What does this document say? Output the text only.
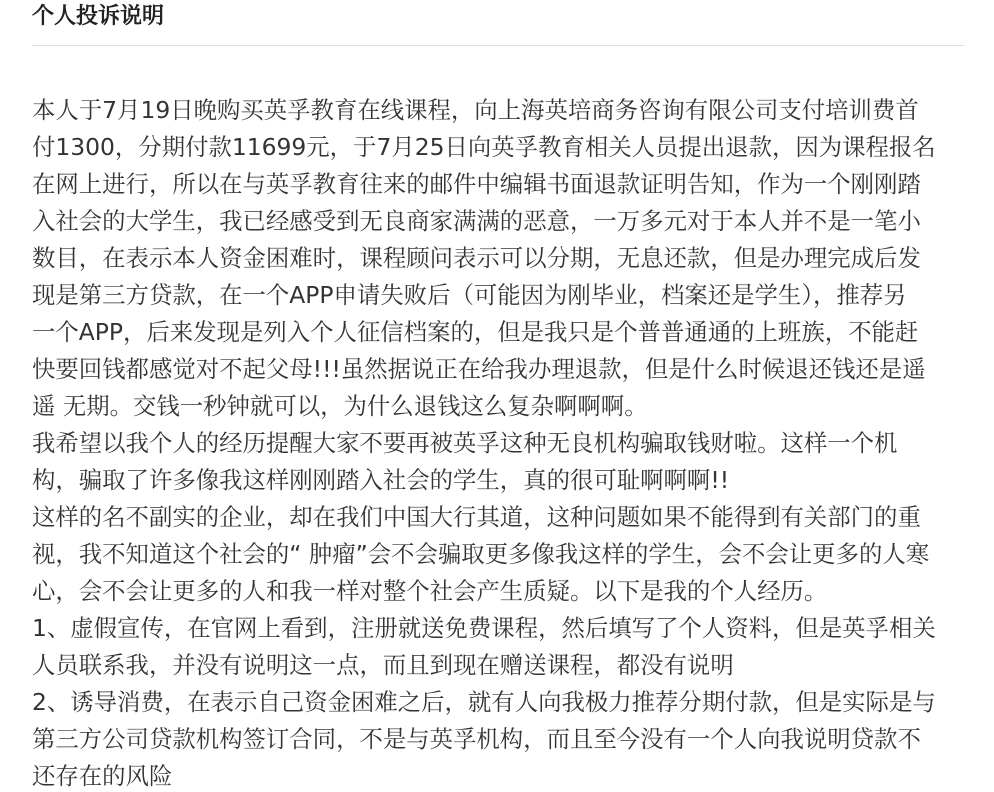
个人投诉说明
本人于7月19日晚购买英孚教育在线课程，向上海英培商务咨询有限公司支付培训费首
付1300，分期付款11699元，于7月25日向英孚教育相关人员提出退款，因为课程报名
在网上进行，所以在与英孚教育往来的邮件中编辑书面退款证明告知，作为一个刚刚踏
入社会的大学生，我已经感受到无良商家满满的恶意，一万多元对于本人并不是一笔小
数目，在表示本人资金困难时，课程顾问表示可以分期，无息还款，但是办理完成后发
现是第三方贷款，在一个APP申请失败后（可能因为刚毕业，档案还是学生），推荐另
一个APP，后来发现是列入个人征信档案的，但是我只是个普普通通的上班族，不能赶
快要回钱都感觉对不起父母!!!虽然据说正在给我办理退款，但是什么时候退还钱还是遥
遥 无期。交钱一秒钟就可以，为什么退钱这么复杂啊啊啊。
我希望以我个人的经历提醒大家不要再被英孚这种无良机构骗取钱财啦。这样一个机
构，骗取了许多像我这样刚刚踏入社会的学生，真的很可耻啊啊啊!!
这样的名不副实的企业，却在我们中国大行其道，这种问题如果不能得到有关部门的重
视，我不知道这个社会的“ 肿瘤”会不会骗取更多像我这样的学生，会不会让更多的人寒
心，会不会让更多的人和我一样对整个社会产生质疑。以下是我的个人经历。
1、虚假宣传，在官网上看到，注册就送免费课程，然后填写了个人资料，但是英孚相关
人员联系我，并没有说明这一点，而且到现在赠送课程，都没有说明
2、诱导消费，在表示自己资金困难之后，就有人向我极力推荐分期付款，但是实际是与
第三方公司贷款机构签订合同，不是与英孚机构，而且至今没有一个人向我说明贷款不
还存在的风险
